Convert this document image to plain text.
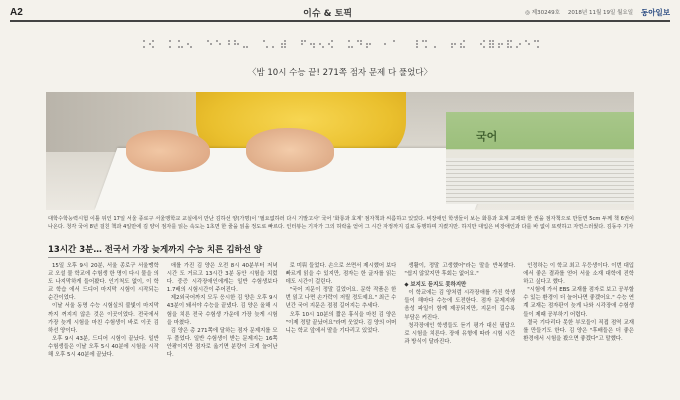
A2	이슈 & 토픽	◎ 제30249호 2018년 11월 19일 월요일 동아일보
〈밤 10시 수능 끝! 271쪽 점자 문제 다 풀었다〉
국어
대학수학능력시험 이틀 뒤인 17일 서울 종로구 서울맹학교 교실에서 만난 김하선 양(가명)이 '필요없하러 다시 기발고사' 국어 '화룡과 효계' 점자책과 씨름하고 있었다. 비장애인 학생들이 보는 화룡과 효계 교재와 한 권을 점자책으로 만들면 5cm 두께 책 6권이 나온다. 청각 국어 8년 걸친 책과 4일만에 김 양이 점자를 읽는 속도는 1초면 한 줄을 읽을 정도로 빠르다. 인터뷰는 기자가 그의 허락을 얻어 그 시간 자정까지 길로 동행하며 지켰지만. 하지만 대입은 비장애인과 다를 바 없이 또렷하고 자연스러웠다. 김동주 기자
13시간 3분… 전국서 가장 늦게까지 수능 치른 김하선 양

15일 오후 9시 20분, 서울 종로구 서울맹학교 오설 물 학교에 수험생 한 명이 다시 물을 의도 나지막하게 들어봤다. 인기척도 없이, 이 학교 학습 에서 드디어 마지막 시험이 시작되는 순간이었다.

이날 서울 동명 수능 시험실의 불빛이 마지막까지 꺼지지 않은 것은 이곳이었다. 전국에서 가장 늦게 시험을 마친 수험생이 바로 이곳 김하선 양이다.

오후 9시 43분, 드디어 시험이 끝났다. 일반 수험생들은 이날 오후 5시 40분에 시험을 시작 해 오후 5시 40분에 끝났다.

애를 가진 김 양은 오전 8시 40분부터 저녁 시간 도 거르고 13시간 3분 동안 시험을 치렀다. 중증 시각장애인에게는 일반 수험생보다 1.7배의 시험시간이 주어진다.

제2외국어까지 모두 응시한 김 양은 오후 9시 43분이 돼서야 수능을 끝냈다. 김 양은 올해 시험을 치른 전국 수험생 가운데 가장 늦게 시험을 마쳤다.

김 양은 총 271쪽에 달하는 점자 문제지를 모두 풀었다. 일반 수험생이 받는 문제지는 16쪽 안팎이지만 점자로 옮기면 분량이 크게 늘어난다.

로 미뤄 들었다. 손으로 쓰면서 제시했어 보다 빠르게 읽을 수 있지만, 점자는 한 글자를 읽는 데도 시간이 걸린다.

"국어 지문이 정말 길었어요. 문학 작품은 한 번 읽고 나면 손가락이 저릴 정도예요." 최근 수년간 국어 지문은 점점 길어지는 추세다.

오후 10시 10분의 짧은 휴식을 마친 김 양은 "이제 정말 끝났어요"라며 웃었다. 김 양의 어머니는 학교 앞에서 딸을 기다리고 있었다.

생활이, 정말 고생했어"라는 말을 반복했다. "쉽지 않았지만 후회는 없어요."

◆ 보지도 듣지도 못하지만

이 학교에는 김 양처럼 시각장애를 가진 학생들이 해마다 수능에 도전한다. 점자 문제지와 음성 파일이 함께 제공되지만, 지문이 길수록 부담은 커진다.

청각장애인 학생들도 듣기 평가 대신 필답으로 시험을 치른다. 장애 유형에 따라 시험 시간과 방식이 달라진다.

인정하는 이 학교 최고 우등생이다. 이번 대입에서 좋은 결과를 얻어 서울 소재 대학에 진학하고 싶다고 했다.

"시험에 가서 EBS 교재를 점자로 보고 공부할 수 있는 환경이 더 늘어나면 좋겠어요." 수능 연계 교재는 점자판이 늦게 나와 시각장애 수험생들이 제때 공부하기 어렵다.

결국 기다리다 못한 부모들이 직접 점역 교재를 만들기도 한다. 김 양은 "후배들은 더 좋은 환경에서 시험을 봤으면 좋겠다"고 말했다.
